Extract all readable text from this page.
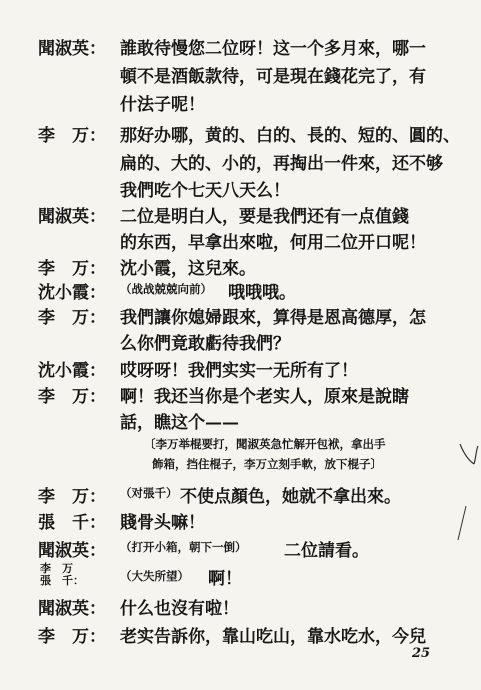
聞淑英： 誰敢待慢您二位呀！这一个多月來，哪一
頓不是酒飯款待，可是現在錢花完了，有
什法子呢！
李　万： 那好办哪，黄的、白的、長的、短的、圓的、
扁的、大的、小的，再掏出一件來，还不够
我們吃个七天八天么！
聞淑英： 二位是明白人，要是我們还有一点值錢
的东西，早拿出來啦，何用二位开口呢！
李　万： 沈小霞，这兒來。
沈小霞：	（战战兢兢向前） 哦哦哦。
李　万： 我們讓你媳婦跟來，算得是恩高德厚，怎
么你們竟敢虧待我們？
沈小霞： 哎呀呀！我們实实一无所有了！
李　万： 啊！我还当你是个老实人，原來是說瞎
話，瞧这个——
〔李万举棍要打，聞淑英急忙解开包袱，拿出手
飾箱，挡住棍子，李万立刻手軟，放下棍子〕
李　万：	（对張千） 不使点顏色，她就不拿出來。
張　千： 賤骨头嘛！
聞淑英：	（打开小箱，朝下一倒） 二位請看。
李　万
張　千：	（大失所望） 啊！
聞淑英： 什么也沒有啦！
李　万： 老实告訴你，靠山吃山，靠水吃水，今兒
25
